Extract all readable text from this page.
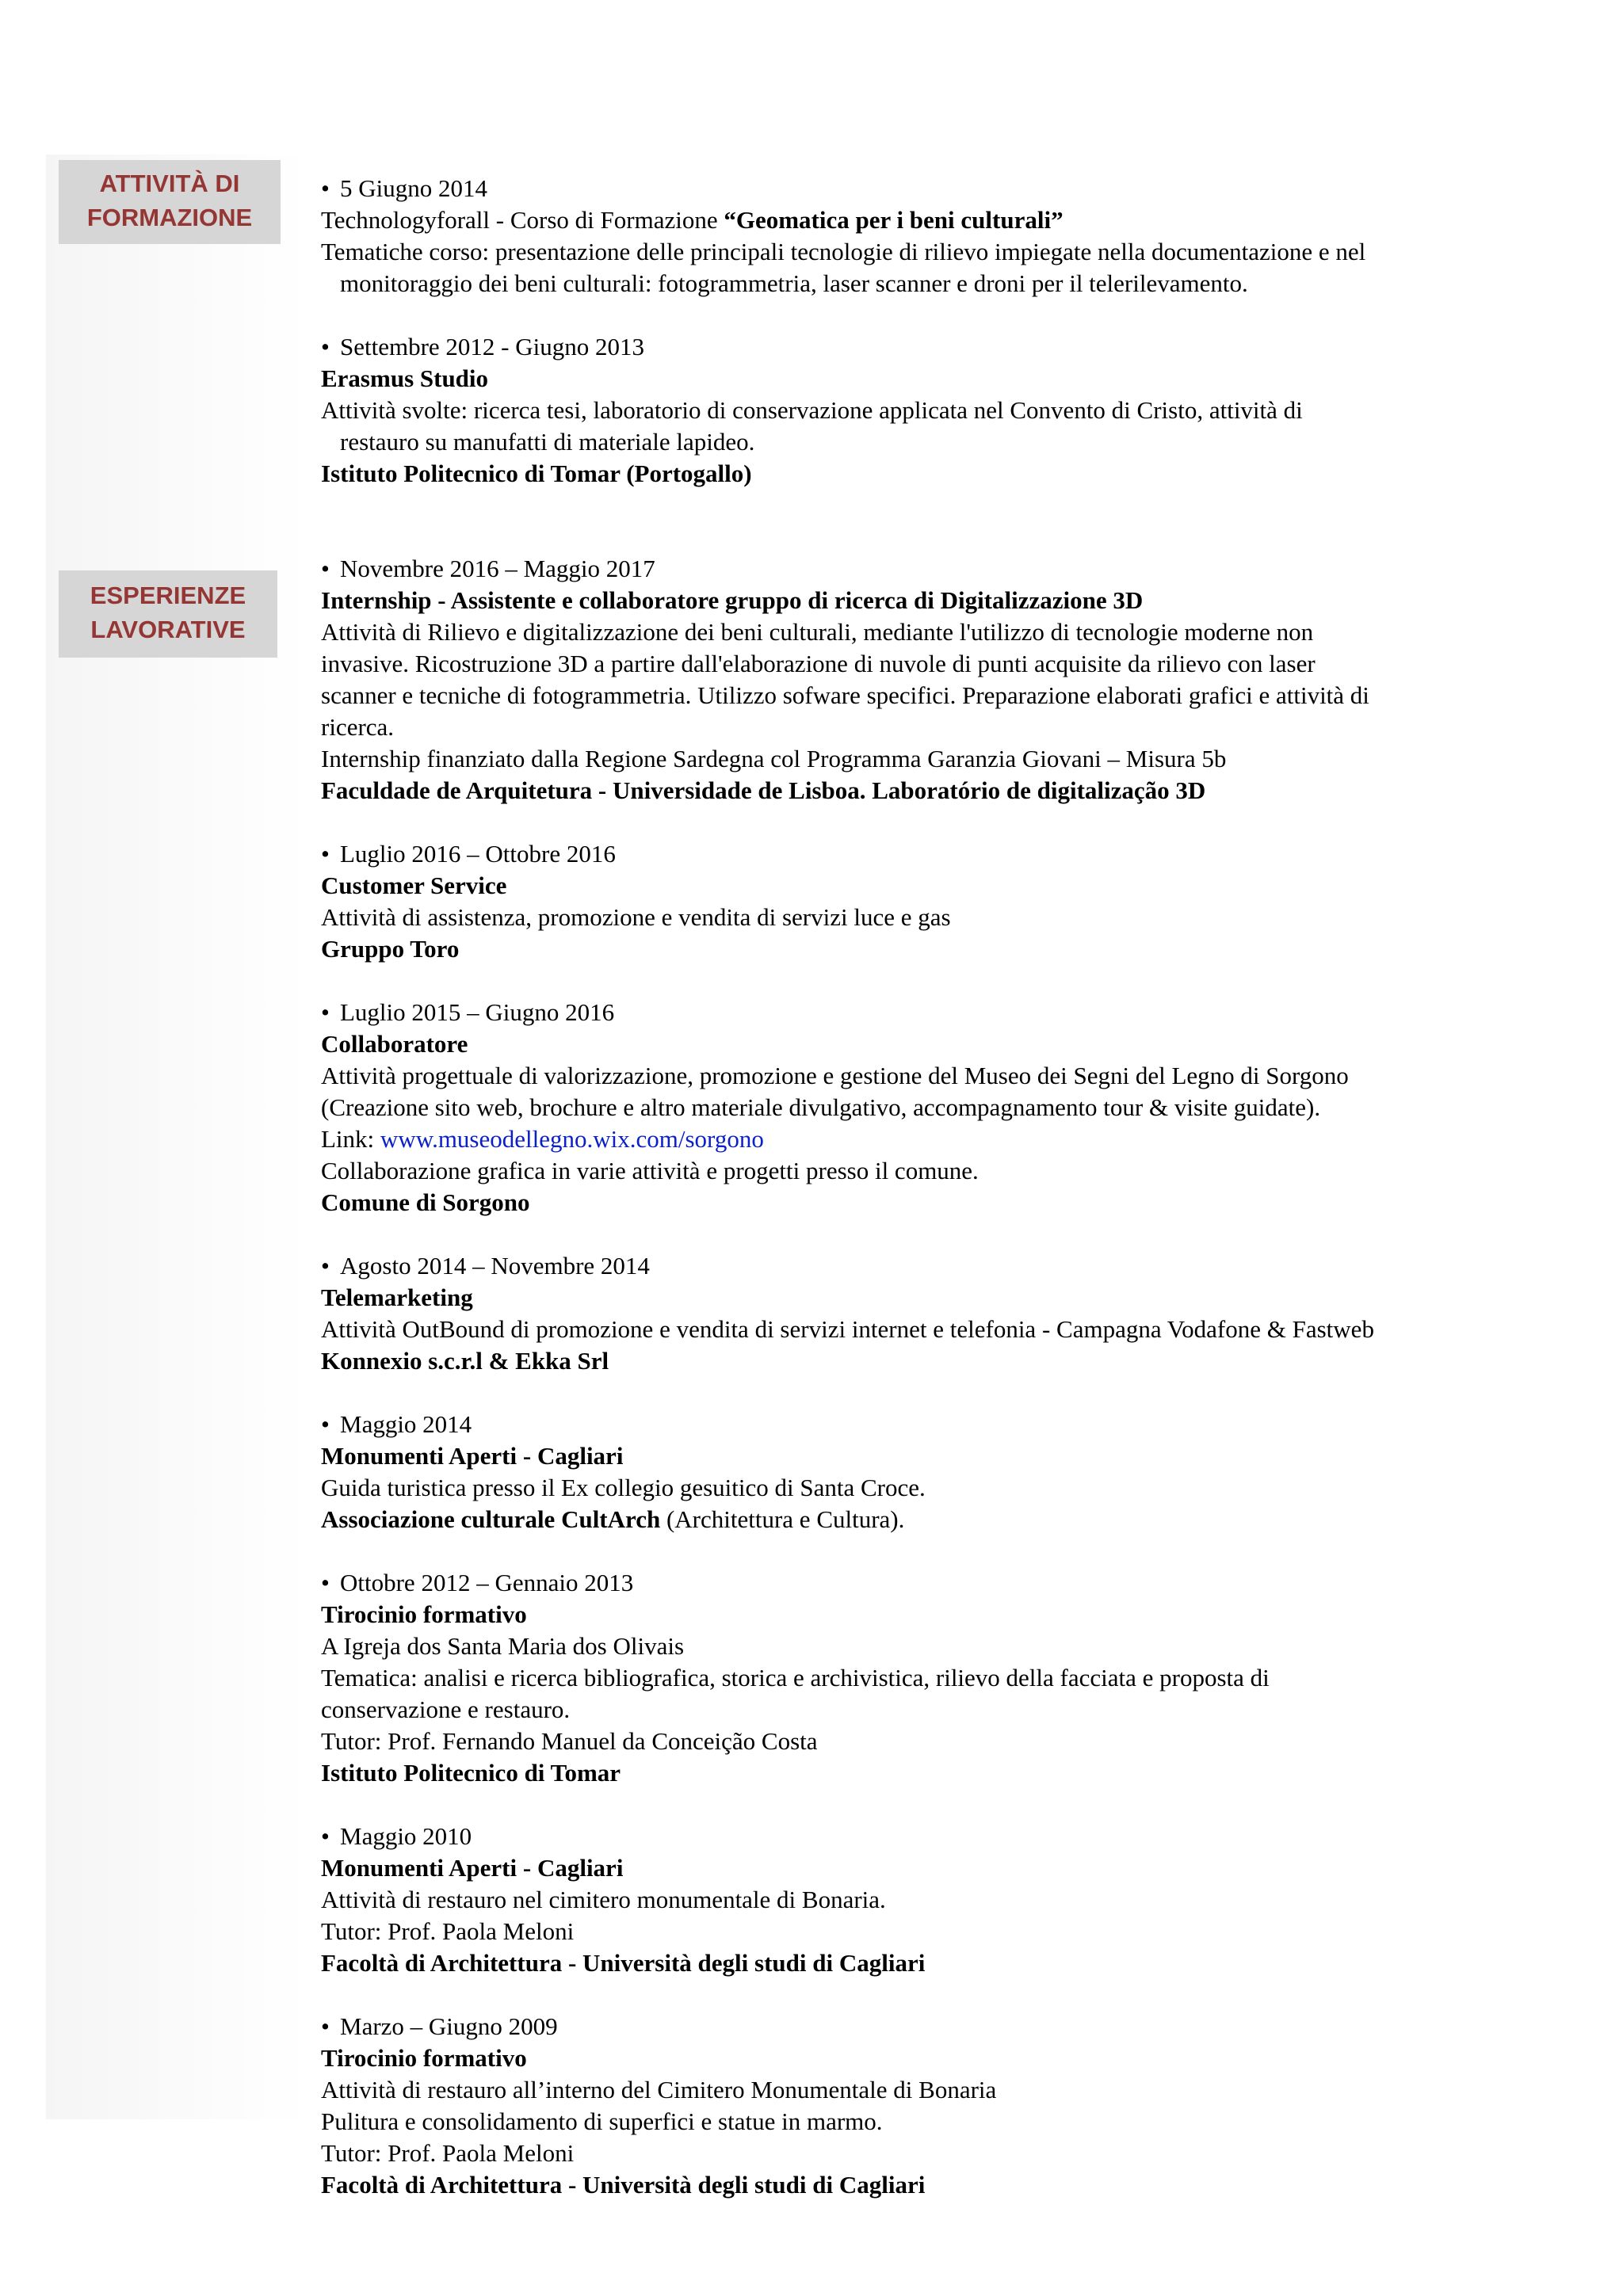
ATTIVITÀ DI
FORMAZIONE
• 5 Giugno 2014
Technologyforall - Corso di Formazione “Geomatica per i beni culturali”
Tematiche corso: presentazione delle principali tecnologie di rilievo impiegate nella documentazione e nel
monitoraggio dei beni culturali: fotogrammetria, laser scanner e droni per il telerilevamento.
• Settembre 2012 - Giugno 2013
Erasmus Studio
Attività svolte: ricerca tesi, laboratorio di conservazione applicata nel Convento di Cristo, attività di
restauro su manufatti di materiale lapideo.
Istituto Politecnico di Tomar (Portogallo)
ESPERIENZE
LAVORATIVE
• Novembre 2016 – Maggio 2017
Internship - Assistente e collaboratore gruppo di ricerca di Digitalizzazione 3D
Attività di Rilievo e digitalizzazione dei beni culturali, mediante l'utilizzo di tecnologie moderne non
invasive. Ricostruzione 3D a partire dall'elaborazione di nuvole di punti acquisite da rilievo con laser
scanner e tecniche di fotogrammetria. Utilizzo sofware specifici. Preparazione elaborati grafici e attività di
ricerca.
Internship finanziato dalla Regione Sardegna col Programma Garanzia Giovani – Misura 5b
Faculdade de Arquitetura - Universidade de Lisboa. Laboratório de digitalização 3D
• Luglio 2016 – Ottobre 2016
Customer Service
Attività di assistenza, promozione e vendita di servizi luce e gas
Gruppo Toro
• Luglio 2015 – Giugno 2016
Collaboratore
Attività progettuale di valorizzazione, promozione e gestione del Museo dei Segni del Legno di Sorgono
(Creazione sito web, brochure e altro materiale divulgativo, accompagnamento tour & visite guidate).
Link: www.museodellegno.wix.com/sorgono
Collaborazione grafica in varie attività e progetti presso il comune.
Comune di Sorgono
• Agosto 2014 – Novembre 2014
Telemarketing
Attività OutBound di promozione e vendita di servizi internet e telefonia - Campagna Vodafone & Fastweb
Konnexio s.c.r.l & Ekka Srl
• Maggio 2014
Monumenti Aperti - Cagliari
Guida turistica presso il Ex collegio gesuitico di Santa Croce.
Associazione culturale CultArch (Architettura e Cultura).
• Ottobre 2012 – Gennaio 2013
Tirocinio formativo
A Igreja dos Santa Maria dos Olivais
Tematica: analisi e ricerca bibliografica, storica e archivistica, rilievo della facciata e proposta di
conservazione e restauro.
Tutor: Prof. Fernando Manuel da Conceição Costa
Istituto Politecnico di Tomar
• Maggio 2010
Monumenti Aperti - Cagliari
Attività di restauro nel cimitero monumentale di Bonaria.
Tutor: Prof. Paola Meloni
Facoltà di Architettura - Università degli studi di Cagliari
• Marzo – Giugno 2009
Tirocinio formativo
Attività di restauro all’interno del Cimitero Monumentale di Bonaria
Pulitura e consolidamento di superfici e statue in marmo.
Tutor: Prof. Paola Meloni
Facoltà di Architettura - Università degli studi di Cagliari
